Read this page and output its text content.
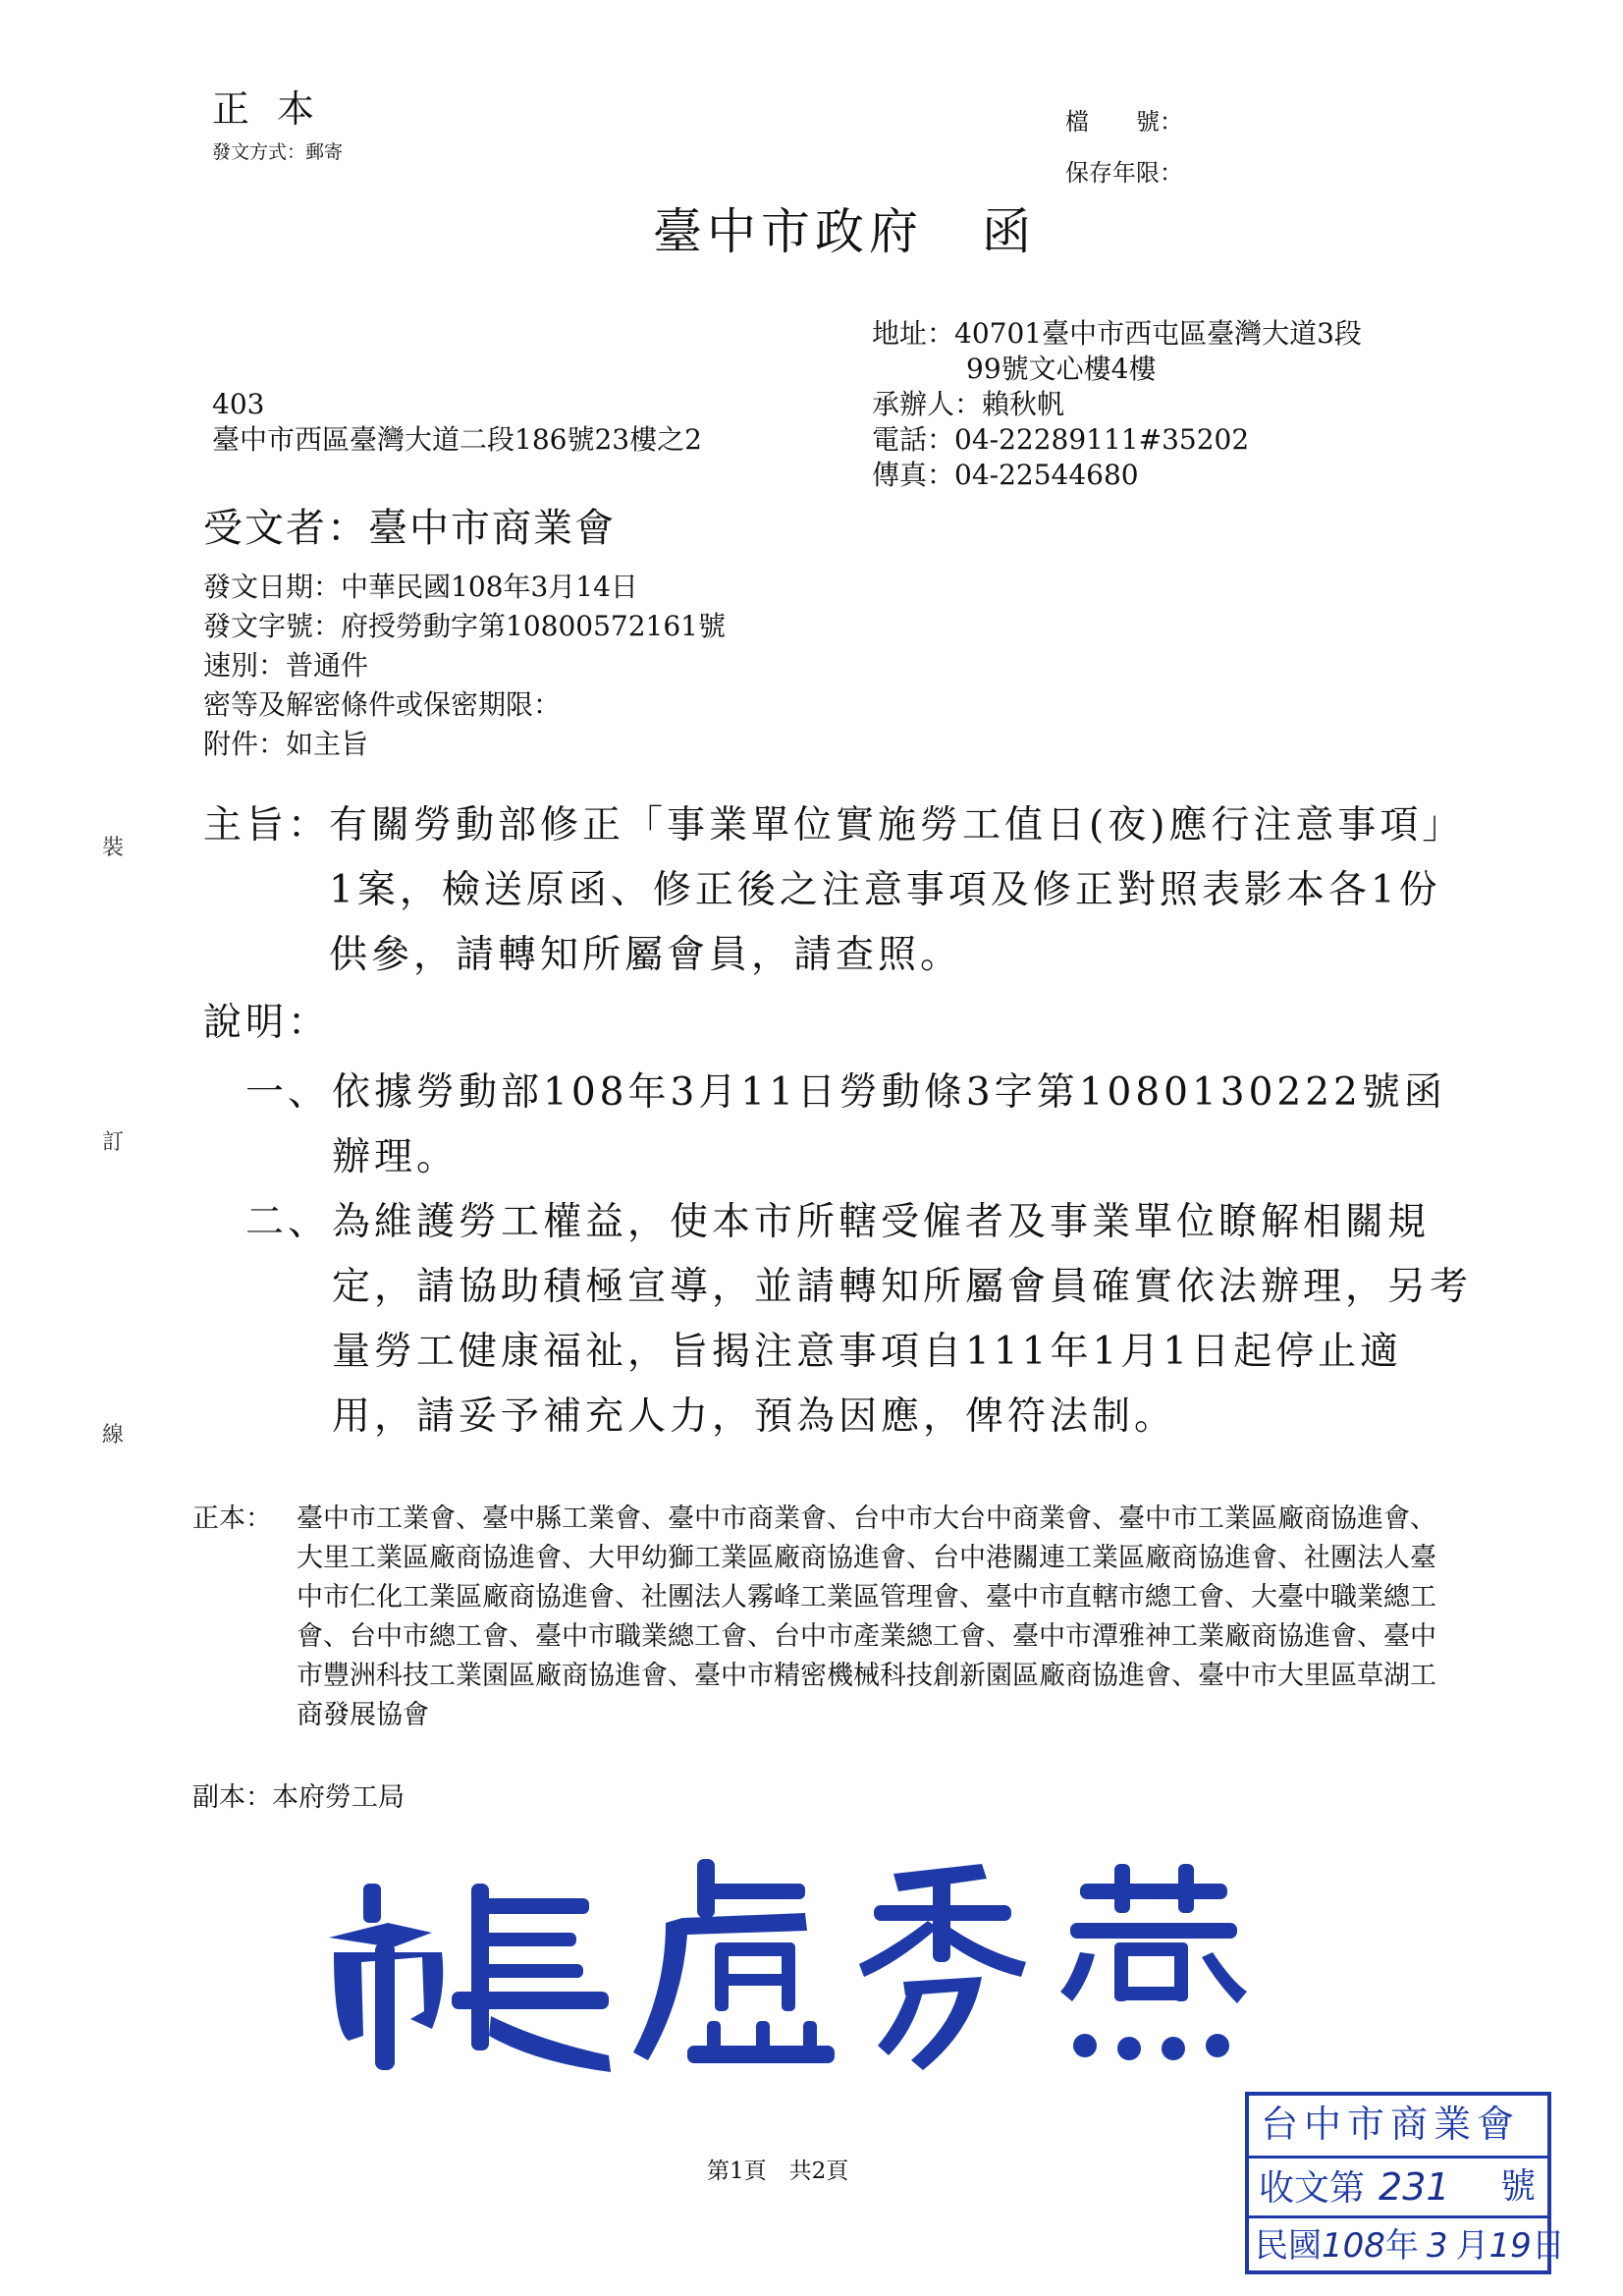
正本
發文方式：郵寄
檔　　號：
保存年限：
臺中市政府 函
地址：40701臺中市西屯區臺灣大道3段
99號文心樓4樓
承辦人：賴秋帆
電話：04-22289111#35202
傳真：04-22544680
403
臺中市西區臺灣大道二段186號23樓之2
受文者：臺中市商業會
發文日期：中華民國108年3月14日
發文字號：府授勞動字第10800572161號
速別：普通件
密等及解密條件或保密期限：
附件：如主旨
主旨：
有關勞動部修正「事業單位實施勞工值日(夜)應行注意事項」1案，檢送原函、修正後之注意事項及修正對照表影本各1份供參，請轉知所屬會員，請查照。
說明：
一、 依據勞動部108年3月11日勞動條3字第1080130222號函辦理。
二、 為維護勞工權益，使本市所轄受僱者及事業單位瞭解相關規定，請協助積極宣導，並請轉知所屬會員確實依法辦理，另考量勞工健康福祉，旨揭注意事項自111年1月1日起停止適用，請妥予補充人力，預為因應，俾符法制。
正本： 臺中市工業會、臺中縣工業會、臺中市商業會、台中市大台中商業會、臺中市工業區廠商協進會、大里工業區廠商協進會、大甲幼獅工業區廠商協進會、台中港關連工業區廠商協進會、社團法人臺中市仁化工業區廠商協進會、社團法人霧峰工業區管理會、臺中市直轄市總工會、大臺中職業總工會、台中市總工會、臺中市職業總工會、台中市產業總工會、臺中市潭雅神工業廠商協進會、臺中市豐洲科技工業園區廠商協進會、臺中市精密機械科技創新園區廠商協進會、臺中市大里區草湖工商發展協會
副本：本府勞工局
裝
訂
線
第1頁　共2頁
台中市商業會
收文第 231 號
民國108年 3 月19日
